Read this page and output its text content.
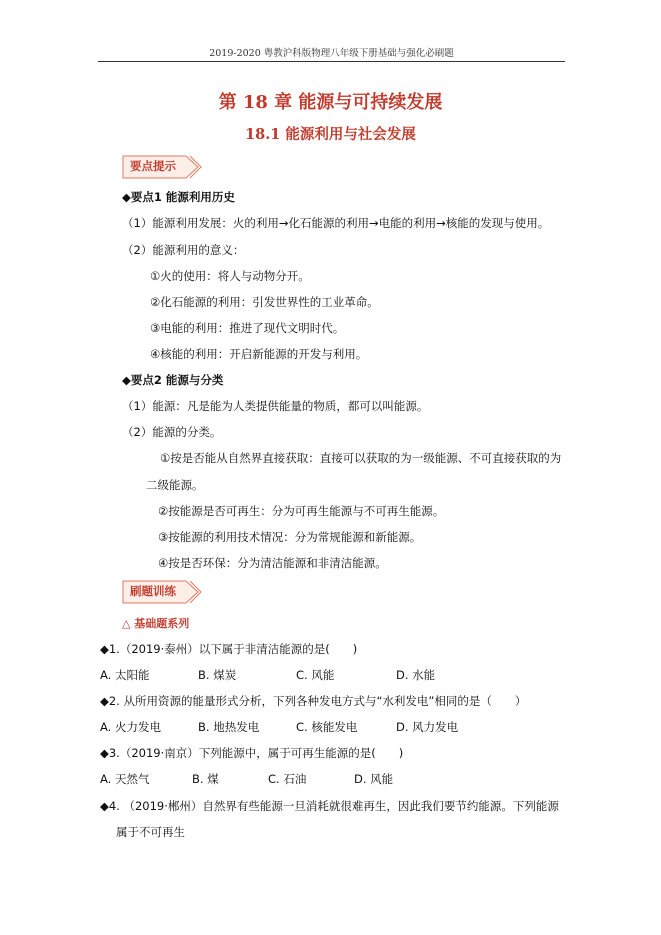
2019-2020 粤教沪科版物理八年级下册基础与强化必刷题
第 18 章 能源与可持续发展
18.1 能源利用与社会发展
要点提示
◆要点1 能源利用历史
（1）能源利用发展：火的利用→化石能源的利用→电能的利用→核能的发现与使用。
（2）能源利用的意义：
①火的使用：将人与动物分开。
②化石能源的利用：引发世界性的工业革命。
③电能的利用：推进了现代文明时代。
④核能的利用：开启新能源的开发与利用。
◆要点2 能源与分类
（1）能源：凡是能为人类提供能量的物质，都可以叫能源。
（2）能源的分类。
①按是否能从自然界直接获取：直接可以获取的为一级能源、不可直接获取的为
二级能源。
②按能源是否可再生：分为可再生能源与不可再生能源。
③按能源的利用技术情况：分为常规能源和新能源。
④按是否环保：分为清洁能源和非清洁能源。
刷题训练
△ 基础题系列
◆1.（2019·泰州）以下属于非清洁能源的是(　　)
A. 太阳能	B. 煤炭	C. 风能	D. 水能
◆2. 从所用资源的能量形式分析，下列各种发电方式与“水利发电”相同的是（　　）
A. 火力发电	B. 地热发电	C. 核能发电	D. 风力发电
◆3.（2019·南京）下列能源中，属于可再生能源的是(　　)
A. 天然气	B. 煤	C. 石油	D. 风能
◆4. （2019·郴州）自然界有些能源一旦消耗就很难再生，因此我们要节约能源。下列能源
属于不可再生
